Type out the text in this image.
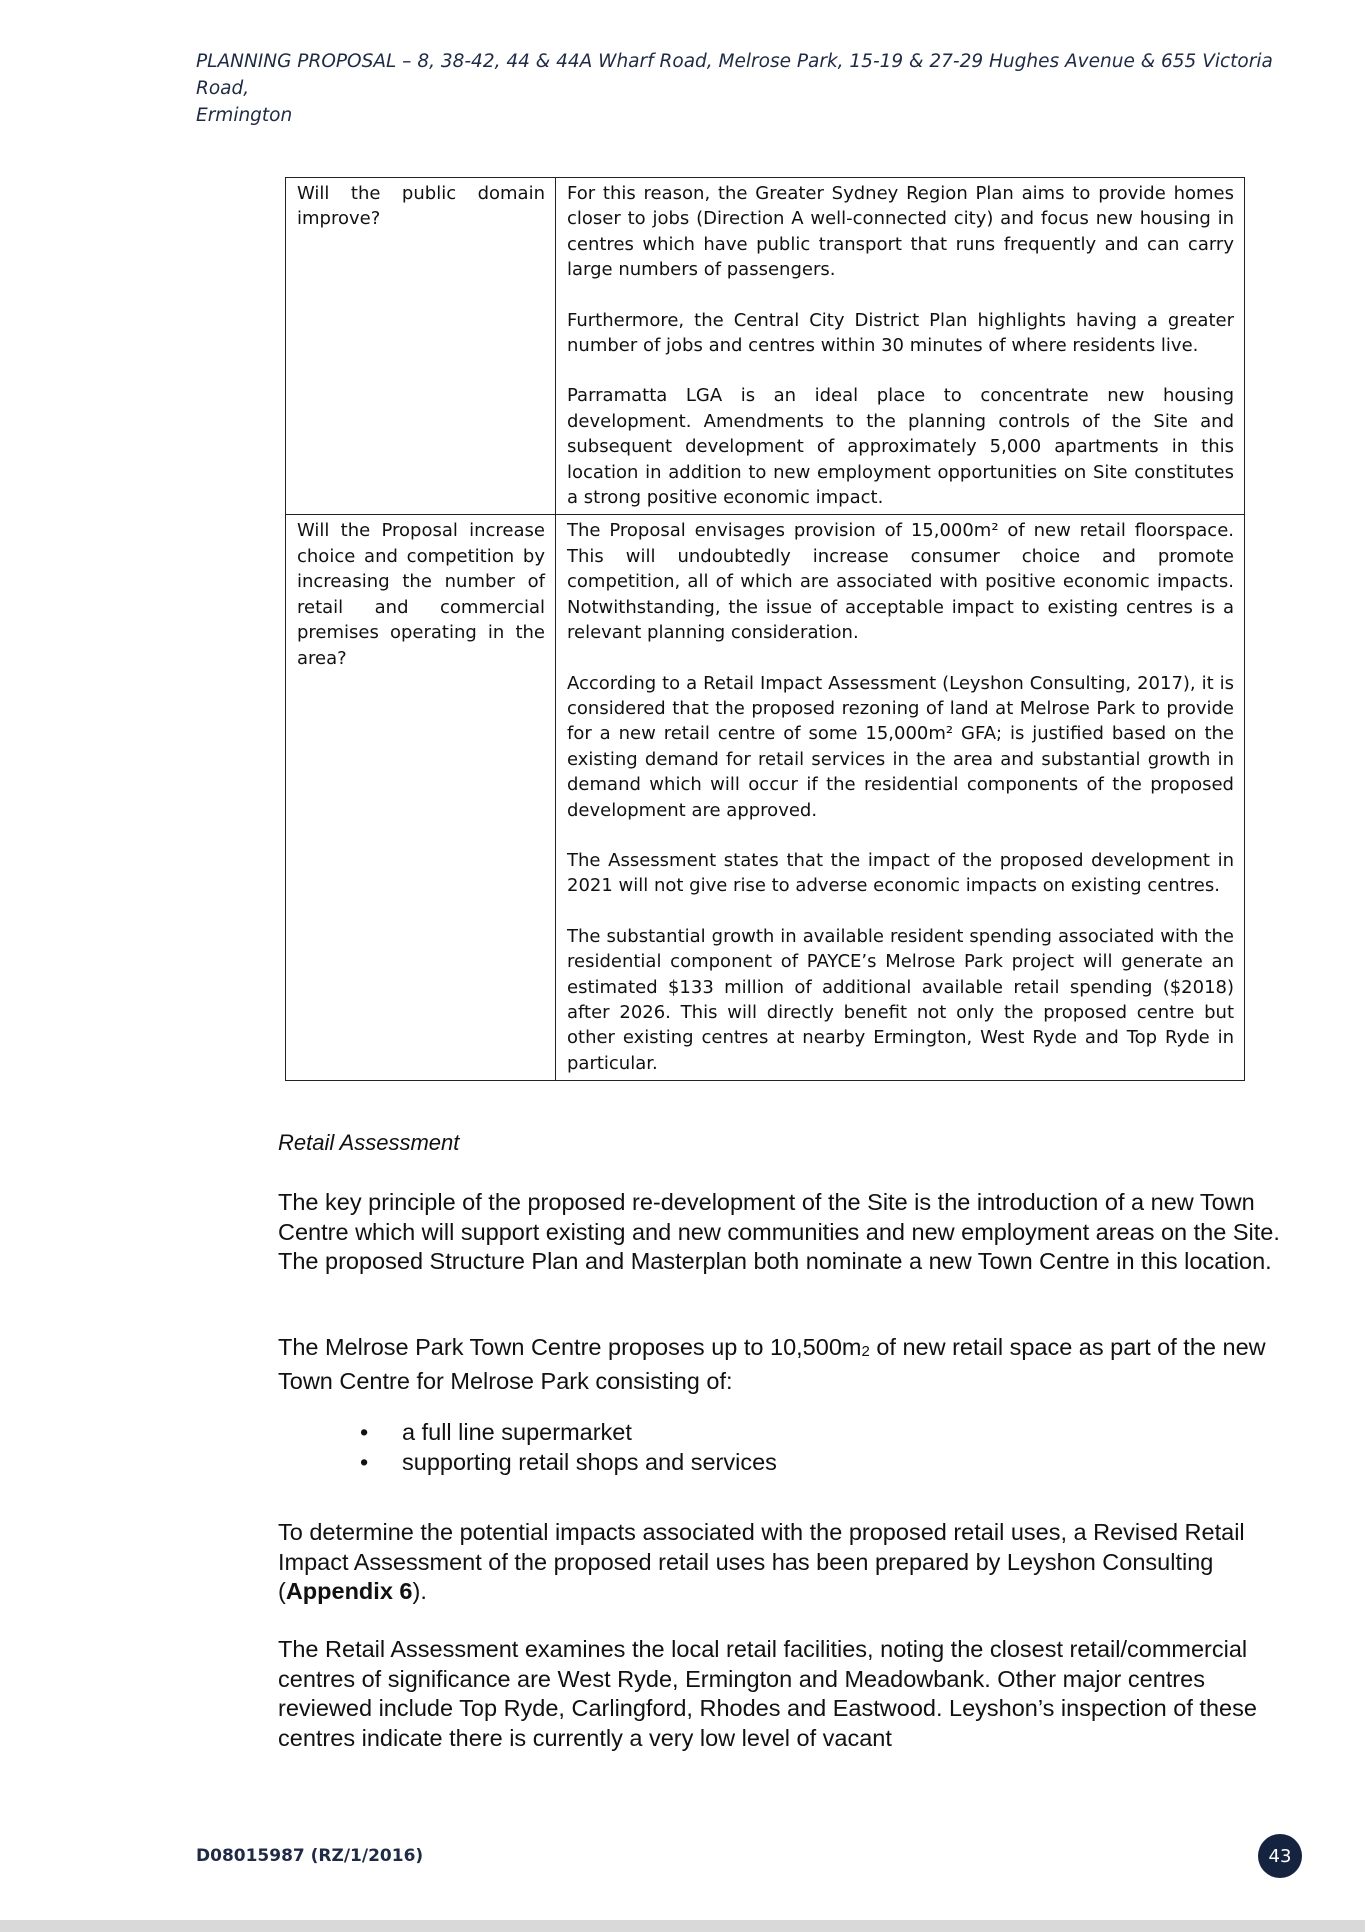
PLANNING PROPOSAL – 8, 38-42, 44 & 44A Wharf Road, Melrose Park, 15-19 & 27-29 Hughes Avenue & 655 Victoria Road,
Ermington
Will the public domain improve?	For this reason, the Greater Sydney Region Plan aims to provide homes closer to jobs (Direction A well-connected city) and focus new housing in centres which have public transport that runs frequently and can carry large numbers of passengers.

Furthermore, the Central City District Plan highlights having a greater number of jobs and centres within 30 minutes of where residents live.

Parramatta LGA is an ideal place to concentrate new housing development. Amendments to the planning controls of the Site and subsequent development of approximately 5,000 apartments in this location in addition to new employment opportunities on Site constitutes a strong positive economic impact.

Will the Proposal increase choice and competition by increasing the number of retail and commercial premises operating in the area?	The Proposal envisages provision of 15,000m² of new retail floorspace. This will undoubtedly increase consumer choice and promote competition, all of which are associated with positive economic impacts. Notwithstanding, the issue of acceptable impact to existing centres is a relevant planning consideration.

According to a Retail Impact Assessment (Leyshon Consulting, 2017), it is considered that the proposed rezoning of land at Melrose Park to provide for a new retail centre of some 15,000m² GFA; is justified based on the existing demand for retail services in the area and substantial growth in demand which will occur if the residential components of the proposed development are approved.

The Assessment states that the impact of the proposed development in 2021 will not give rise to adverse economic impacts on existing centres.

The substantial growth in available resident spending associated with the residential component of PAYCE’s Melrose Park project will generate an estimated $133 million of additional available retail spending ($2018) after 2026. This will directly benefit not only the proposed centre but other existing centres at nearby Ermington, West Ryde and Top Ryde in particular.

Retail Assessment

The key principle of the proposed re-development of the Site is the introduction of a new Town Centre which will support existing and new communities and new employment areas on the Site. The proposed Structure Plan and Masterplan both nominate a new Town Centre in this location.

The Melrose Park Town Centre proposes up to $10,500m_2$ of new retail space as part of the new Town Centre for Melrose Park consisting of:

• a full line supermarket
• supporting retail shops and services

To determine the potential impacts associated with the proposed retail uses, a Revised Retail Impact Assessment of the proposed retail uses has been prepared by Leyshon Consulting (Appendix 6).

The Retail Assessment examines the local retail facilities, noting the closest retail/commercial centres of significance are West Ryde, Ermington and Meadowbank. Other major centres reviewed include Top Ryde, Carlingford, Rhodes and Eastwood. Leyshon’s inspection of these centres indicate there is currently a very low level of vacant

D08015987 (RZ/1/2016)	43
